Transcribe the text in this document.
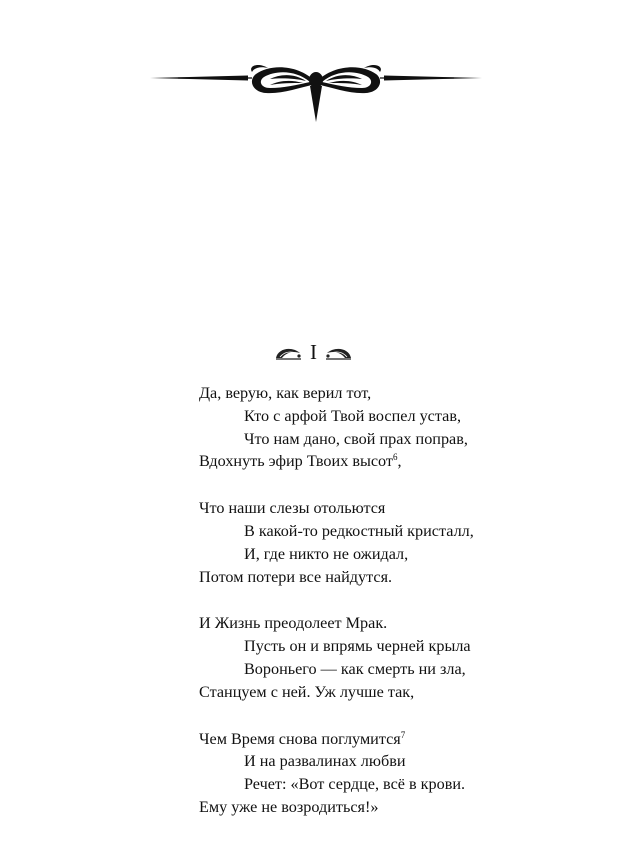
I
Да, верую, как верил тот,
Кто с арфой Твой воспел устав,
Что нам дано, свой прах поправ,
Вдохнуть эфир Твоих высот$^6$,
Что наши слезы отольются
В какой-то редкостный кристалл,
И, где никто не ожидал,
Потом потери все найдутся.
И Жизнь преодолеет Мрак.
Пусть он и впрямь черней крыла
Вороньего — как смерть ни зла,
Станцуем с ней. Уж лучше так,
Чем Время снова поглумится$^7$
И на развалинах любви
Речет: «Вот сердце, всё в крови.
Ему уже не возродиться!»
